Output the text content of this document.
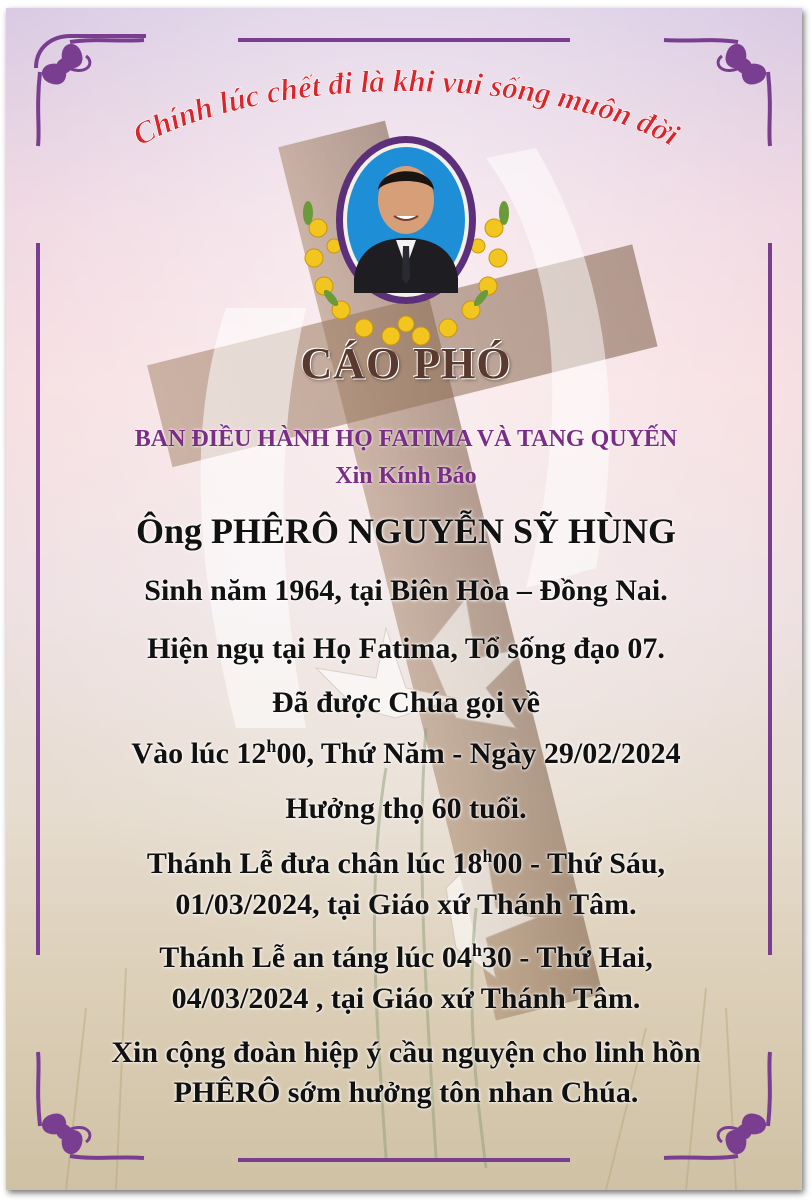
Chính lúc chết đi là khi vui sống muôn đời

CÁO PHÓ

BAN ĐIỀU HÀNH HỌ FATIMA VÀ TANG QUYẾN

Xin Kính Báo

Ông PHÊRÔ NGUYỄN SỸ HÙNG

Sinh năm 1964, tại Biên Hòa – Đồng Nai.

Hiện ngụ tại Họ Fatima, Tổ sống đạo 07.

Đã được Chúa gọi về

Vào lúc 12$^h$00, Thứ Năm - Ngày 29/02/2024

Hưởng thọ 60 tuổi.

Thánh Lễ đưa chân lúc 18$^h$00 - Thứ Sáu,

01/03/2024, tại Giáo xứ Thánh Tâm.

Thánh Lễ an táng lúc 04$^h$30 - Thứ Hai,

04/03/2024 , tại Giáo xứ Thánh Tâm.

Xin cộng đoàn hiệp ý cầu nguyện cho linh hồn

PHÊRÔ sớm hưởng tôn nhan Chúa.
